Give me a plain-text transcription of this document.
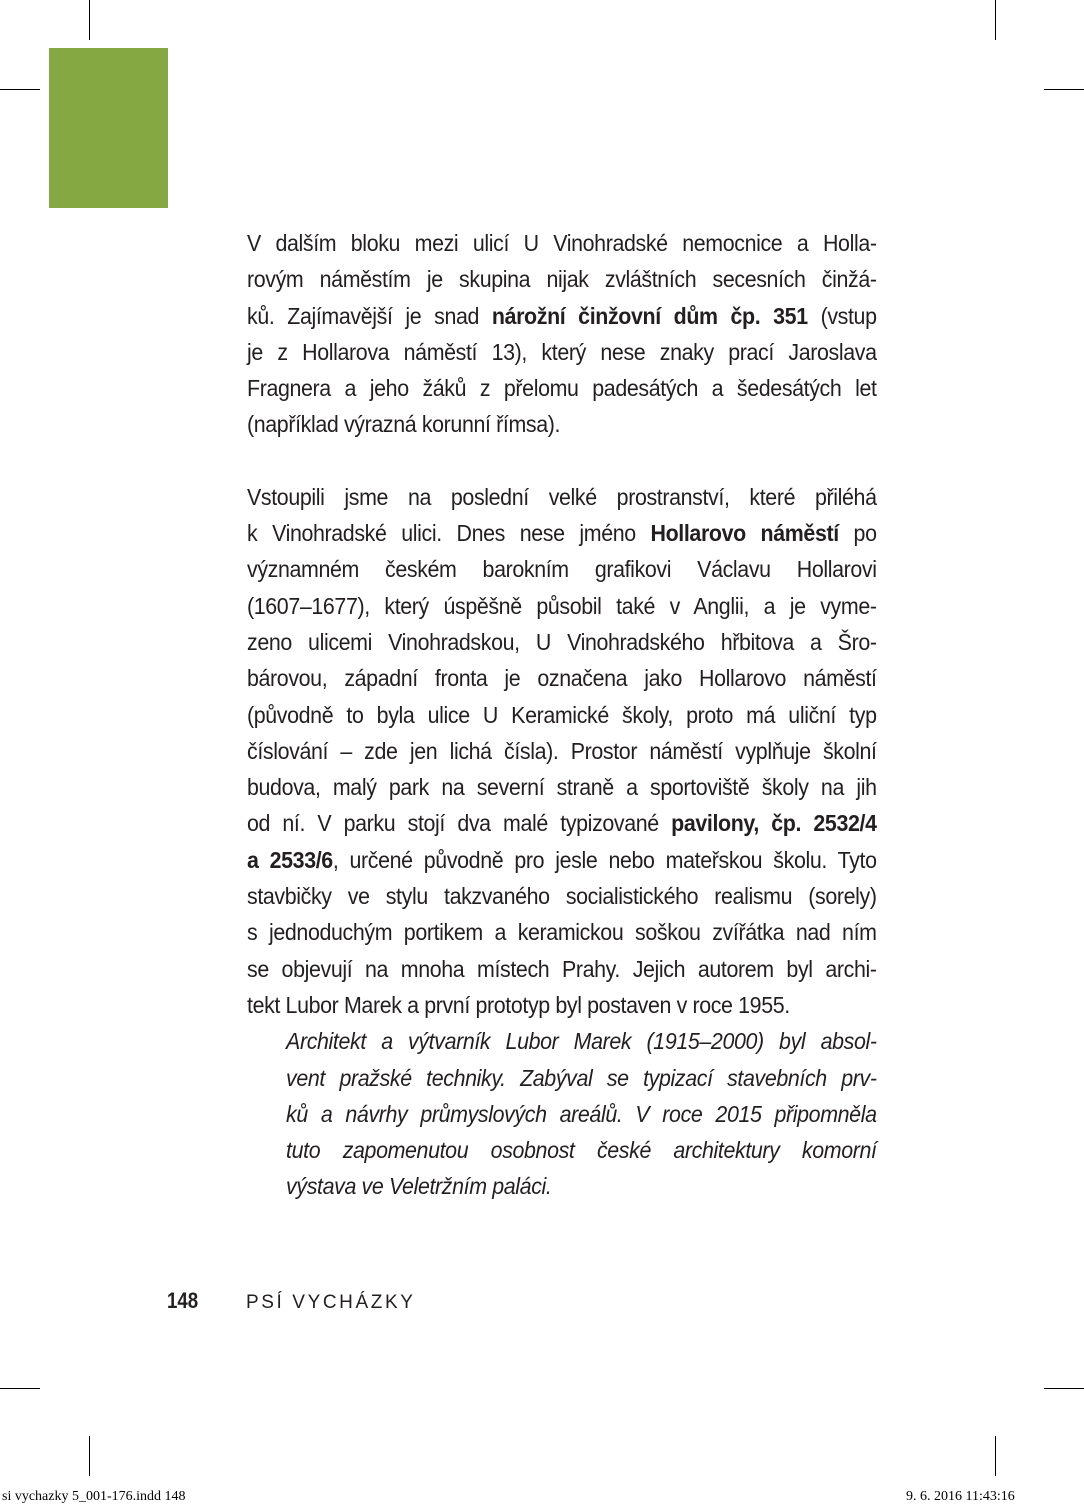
V dalším bloku mezi ulicí U Vinohradské nemocnice a Holla-
rovým náměstím je skupina nijak zvláštních secesních činžá-
ků. Zajímavější je snad nárožní činžovní dům čp. 351 (vstup
je z Hollarova náměstí 13), který nese znaky prací Jaroslava
Fragnera a jeho žáků z přelomu padesátých a šedesátých let
(například výrazná korunní římsa).
Vstoupili jsme na poslední velké prostranství, které přiléhá
k Vinohradské ulici. Dnes nese jméno Hollarovo náměstí po
významném českém barokním grafikovi Václavu Hollarovi
(1607–1677), který úspěšně působil také v Anglii, a je vyme-
zeno ulicemi Vinohradskou, U Vinohradského hřbitova a Šro-
bárovou, západní fronta je označena jako Hollarovo náměstí
(původně to byla ulice U Keramické školy, proto má uliční typ
číslování – zde jen lichá čísla). Prostor náměstí vyplňuje školní
budova, malý park na severní straně a sportoviště školy na jih
od ní. V parku stojí dva malé typizované pavilony, čp. 2532/4
a 2533/6, určené původně pro jesle nebo mateřskou školu. Tyto
stavbičky ve stylu takzvaného socialistického realismu (sorely)
s jednoduchým portikem a keramickou soškou zvířátka nad ním
se objevují na mnoha místech Prahy. Jejich autorem byl archi-
tekt Lubor Marek a první prototyp byl postaven v roce 1955.
Architekt a výtvarník Lubor Marek (1915–2000) byl absol-
vent pražské techniky. Zabýval se typizací stavebních prv-
ků a návrhy průmyslových areálů. V roce 2015 připomněla
tuto zapomenutou osobnost české architektury komorní
výstava ve Veletržním paláci.
148	PSÍ VYCHÁZKY
si vychazky 5_001-176.indd 148	9. 6. 2016 11:43:16
